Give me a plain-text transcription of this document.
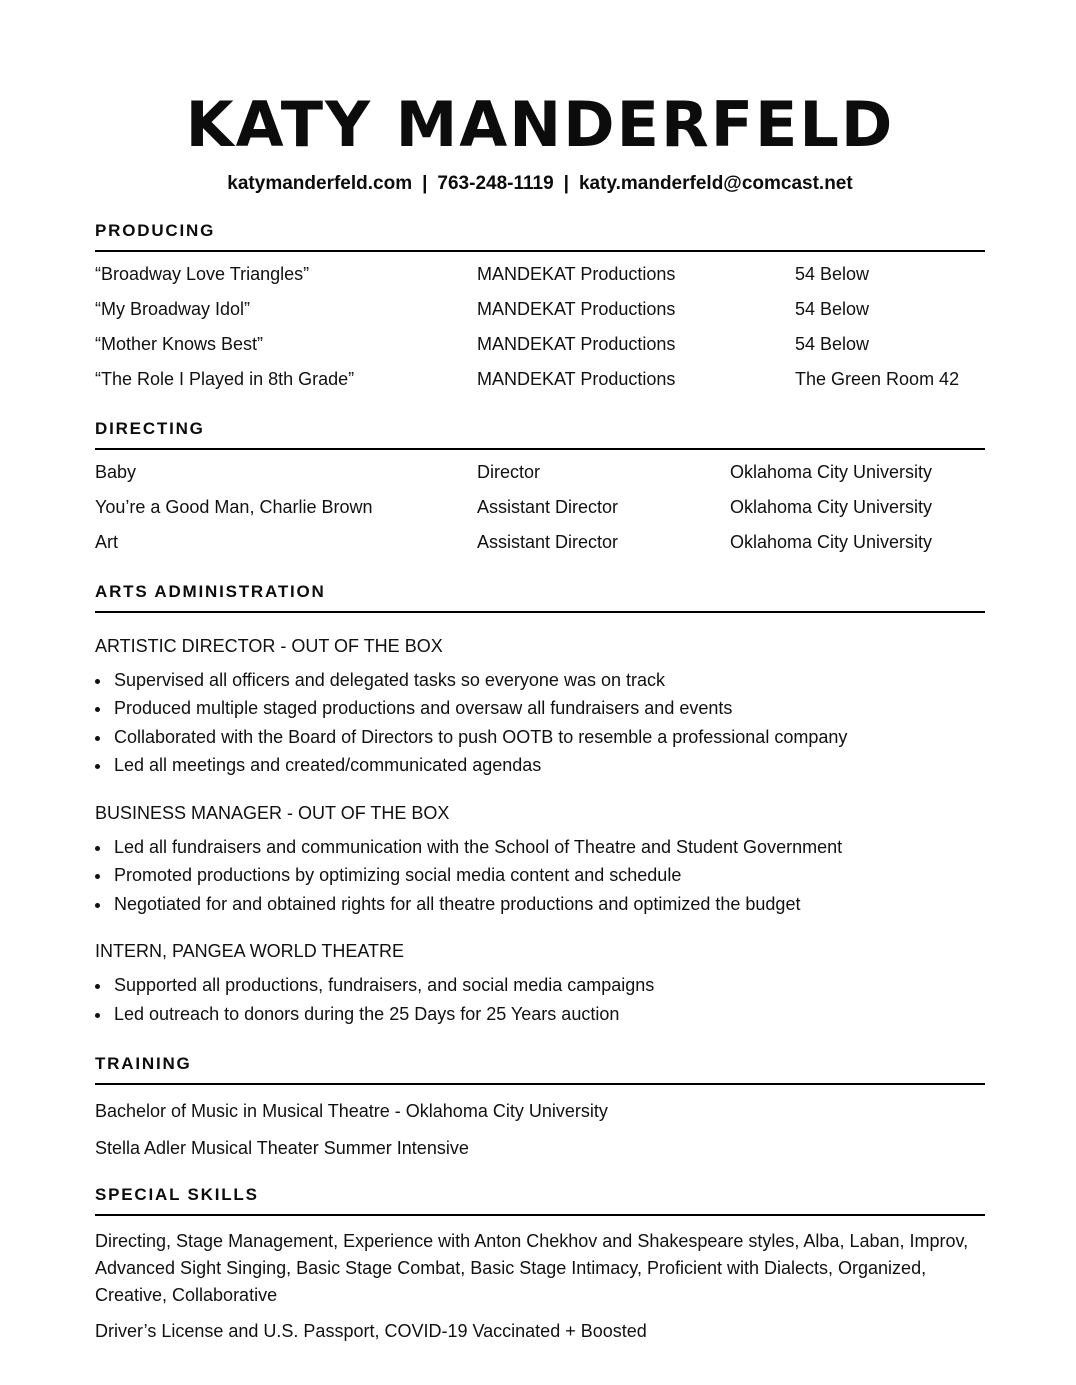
KATY MANDERFELD

katymanderfeld.com | 763-248-1119 | katy.manderfeld@comcast.net

PRODUCING
“Broadway Love Triangles”	MANDEKAT Productions	54 Below
“My Broadway Idol”	MANDEKAT Productions	54 Below
“Mother Knows Best”	MANDEKAT Productions	54 Below
“The Role I Played in 8th Grade”	MANDEKAT Productions	The Green Room 42
DIRECTING
Baby	Director	Oklahoma City University
You’re a Good Man, Charlie Brown	Assistant Director	Oklahoma City University
Art	Assistant Director	Oklahoma City University
ARTS ADMINISTRATION
ARTISTIC DIRECTOR - OUT OF THE BOX
• Supervised all officers and delegated tasks so everyone was on track
• Produced multiple staged productions and oversaw all fundraisers and events
• Collaborated with the Board of Directors to push OOTB to resemble a professional company
• Led all meetings and created/communicated agendas
BUSINESS MANAGER - OUT OF THE BOX
• Led all fundraisers and communication with the School of Theatre and Student Government
• Promoted productions by optimizing social media content and schedule
• Negotiated for and obtained rights for all theatre productions and optimized the budget
INTERN, PANGEA WORLD THEATRE
• Supported all productions, fundraisers, and social media campaigns
• Led outreach to donors during the 25 Days for 25 Years auction
TRAINING

Bachelor of Music in Musical Theatre - Oklahoma City University

Stella Adler Musical Theater Summer Intensive

SPECIAL SKILLS

Directing, Stage Management, Experience with Anton Chekhov and Shakespeare styles, Alba, Laban, Improv, Advanced Sight Singing, Basic Stage Combat, Basic Stage Intimacy, Proficient with Dialects, Organized, Creative, Collaborative

Driver’s License and U.S. Passport, COVID-19 Vaccinated + Boosted
